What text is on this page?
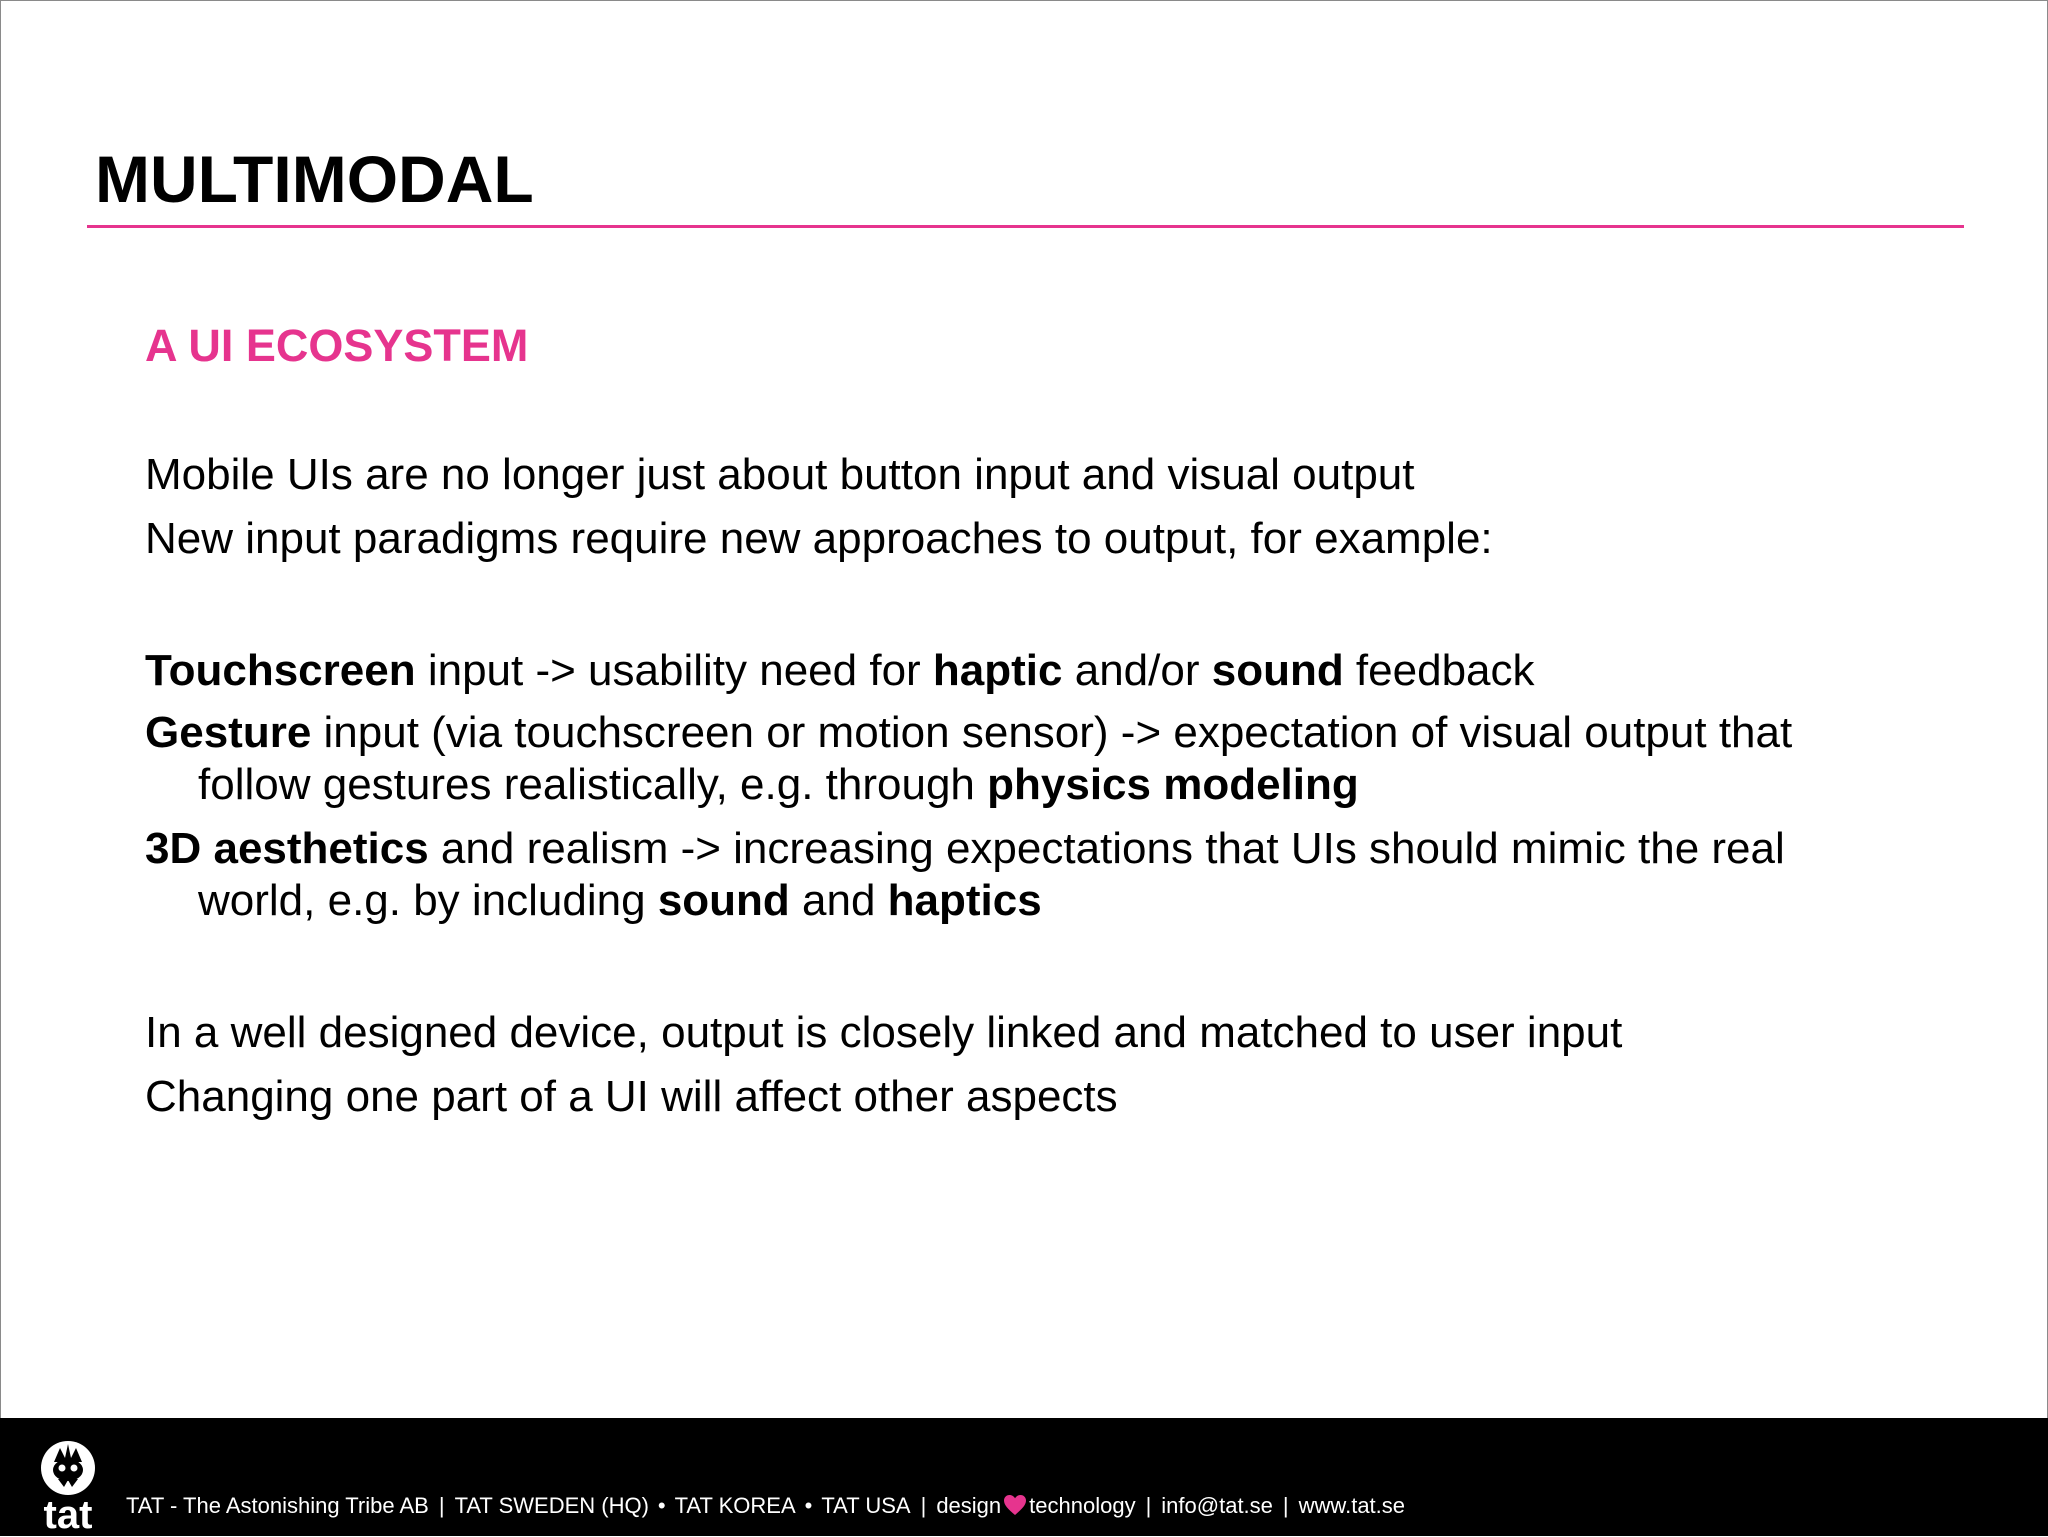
MULTIMODAL
A UI ECOSYSTEM
Mobile UIs are no longer just about button input and visual output
New input paradigms require new approaches to output, for example:
Touchscreen input -> usability need for haptic and/or sound feedback
Gesture input (via touchscreen or motion sensor) -> expectation of visual output that
follow gestures realistically, e.g. through physics modeling
3D aesthetics and realism -> increasing expectations that UIs should mimic the real
world, e.g. by including sound and haptics
In a well designed device, output is closely linked and matched to user input
Changing one part of a UI will affect other aspects
tat TAT - The Astonishing Tribe AB | TAT SWEDEN (HQ) • TAT KOREA • TAT USA | design technology | info@tat.se | www.tat.se
